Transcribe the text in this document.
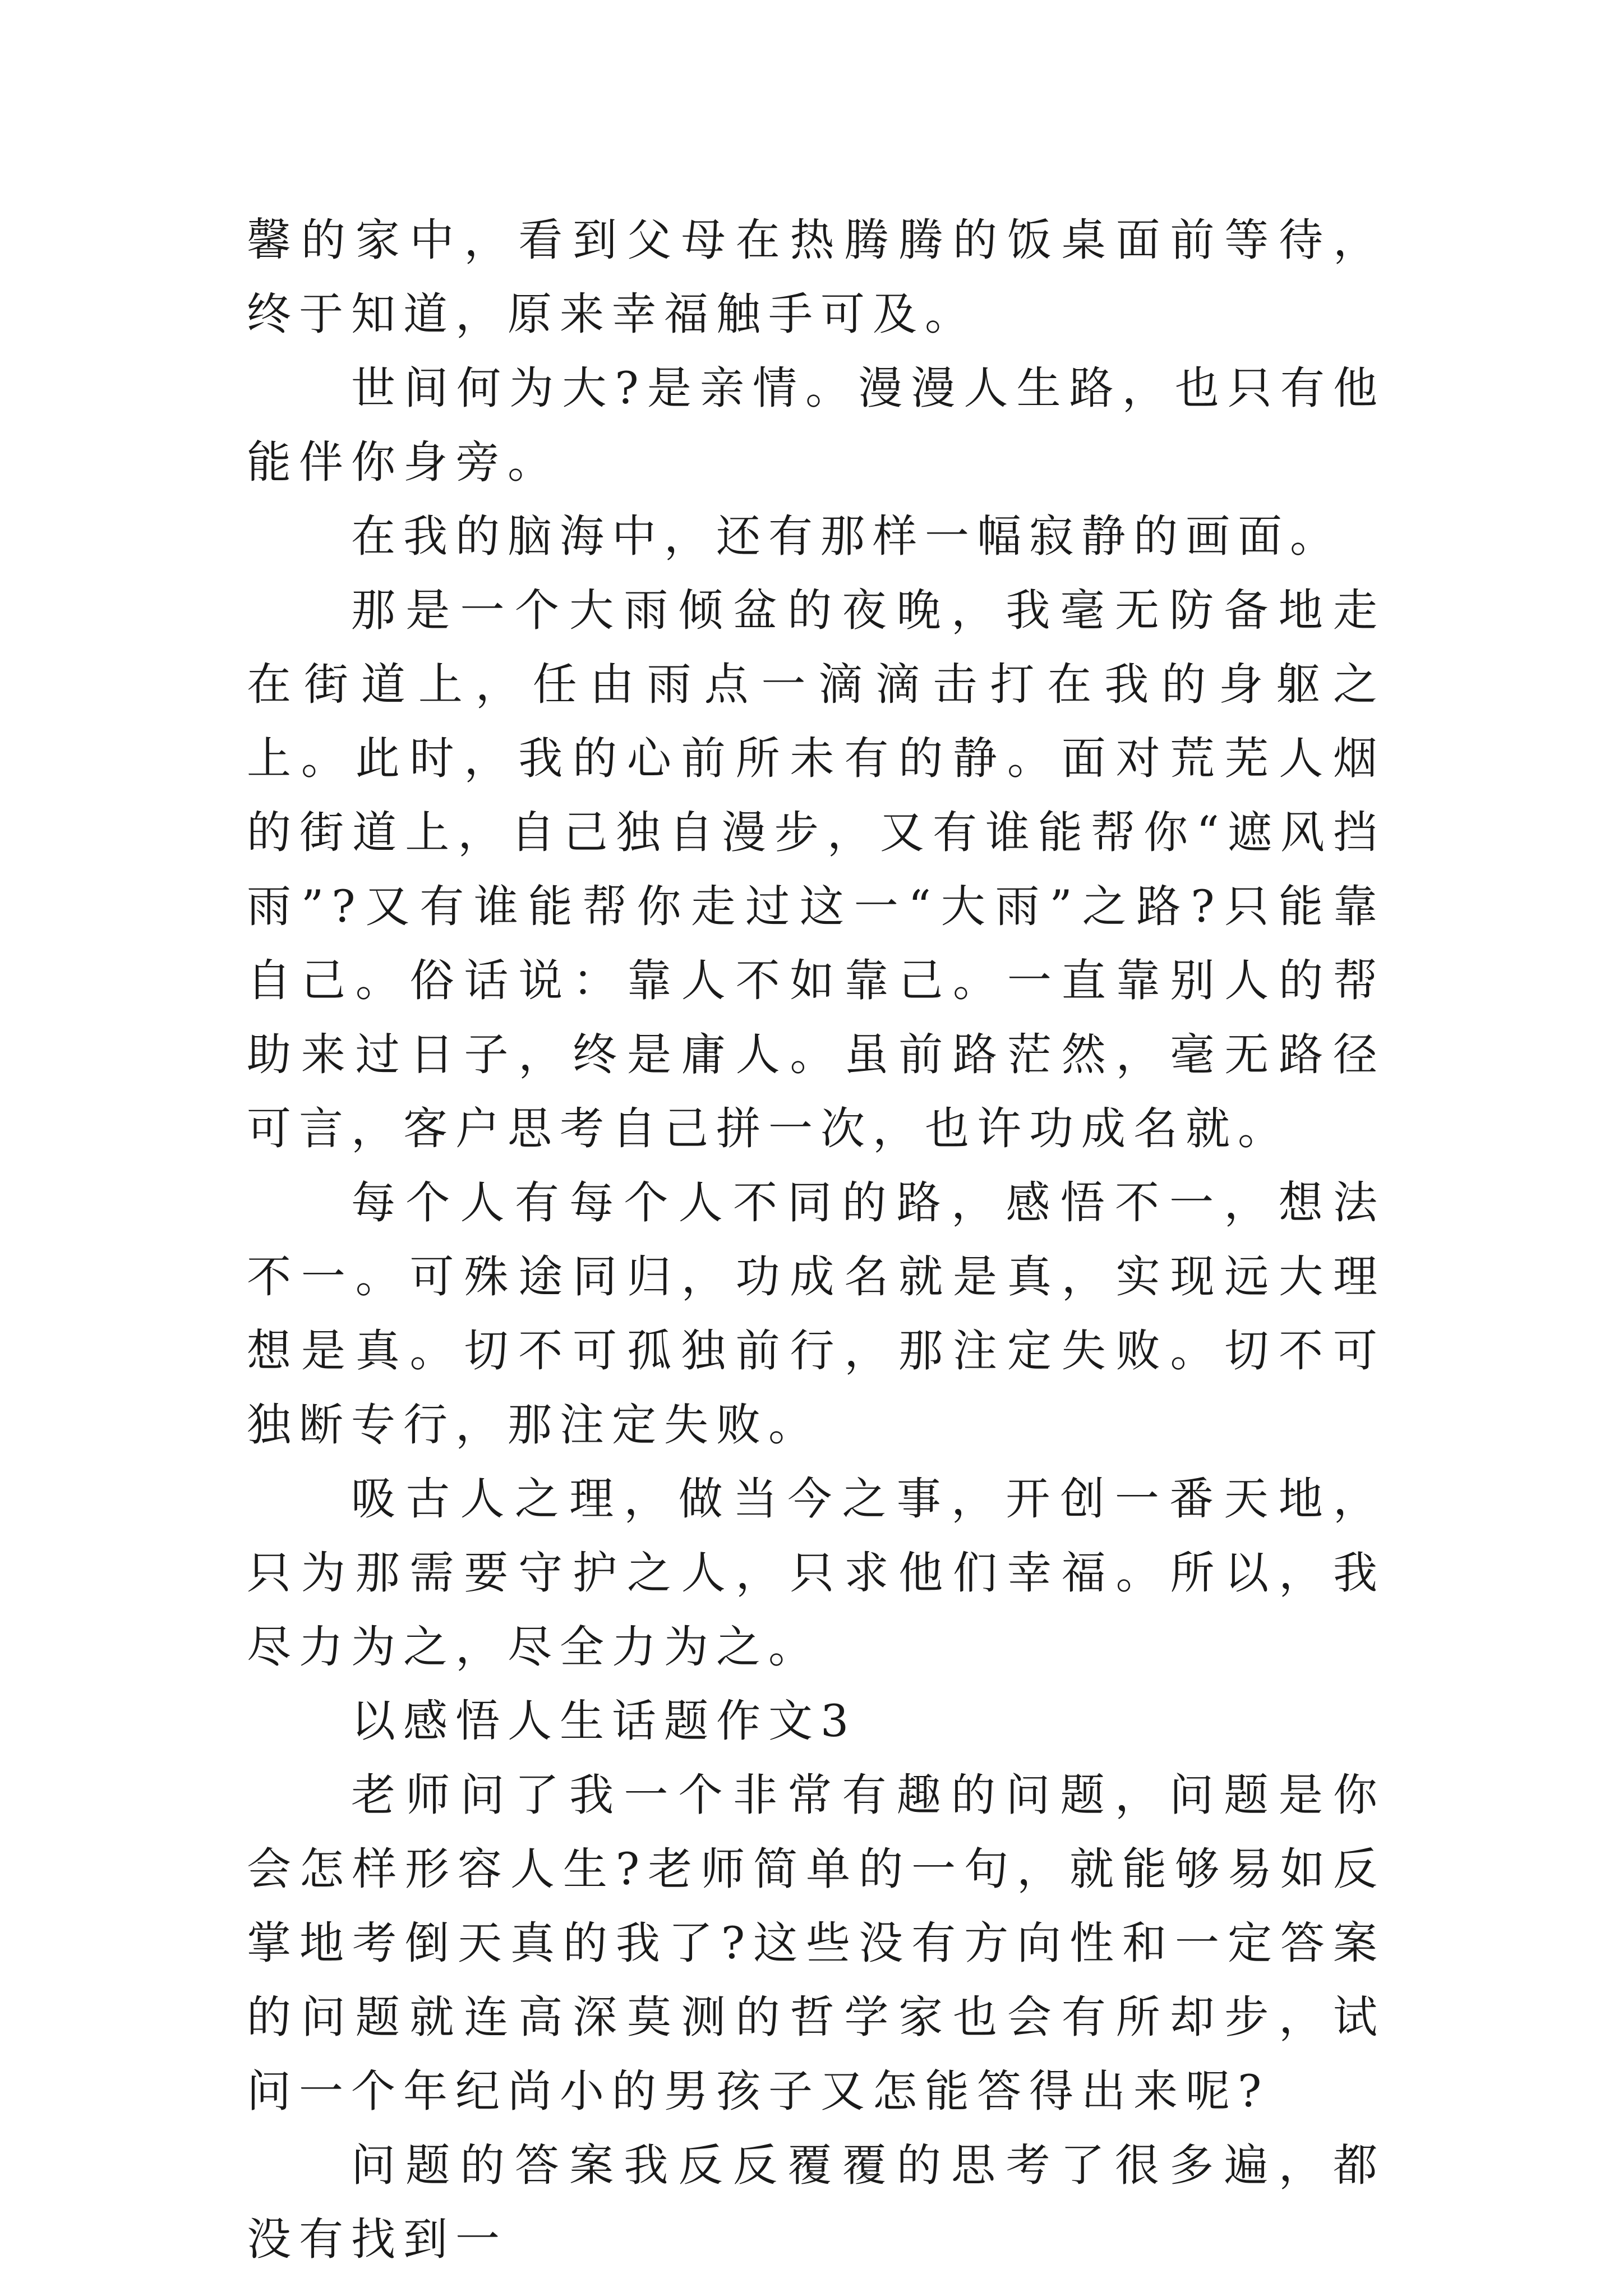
馨的家中，看到父母在热腾腾的饭桌面前等待，终于知道，原来幸福触手可及。

世间何为大?是亲情。漫漫人生路，也只有他能伴你身旁。

在我的脑海中，还有那样一幅寂静的画面。

那是一个大雨倾盆的夜晚，我毫无防备地走在街道上，任由雨点一滴滴击打在我的身躯之上。此时，我的心前所未有的静。面对荒芜人烟的街道上，自己独自漫步，又有谁能帮你“遮风挡雨”?又有谁能帮你走过这一“大雨”之路?只能靠自己。俗话说：靠人不如靠己。一直靠别人的帮助来过日子，终是庸人。虽前路茫然，毫无路径可言，客户思考自己拼一次，也许功成名就。

每个人有每个人不同的路，感悟不一，想法不一。可殊途同归，功成名就是真，实现远大理想是真。切不可孤独前行，那注定失败。切不可独断专行，那注定失败。

吸古人之理，做当今之事，开创一番天地，只为那需要守护之人，只求他们幸福。所以，我尽力为之，尽全力为之。

以感悟人生话题作文3

老师问了我一个非常有趣的问题，问题是你会怎样形容人生?老师简单的一句，就能够易如反掌地考倒天真的我了?这些没有方向性和一定答案的问题就连高深莫测的哲学家也会有所却步，试问一个年纪尚小的男孩子又怎能答得出来呢?

问题的答案我反反覆覆的思考了很多遍，都没有找到一
